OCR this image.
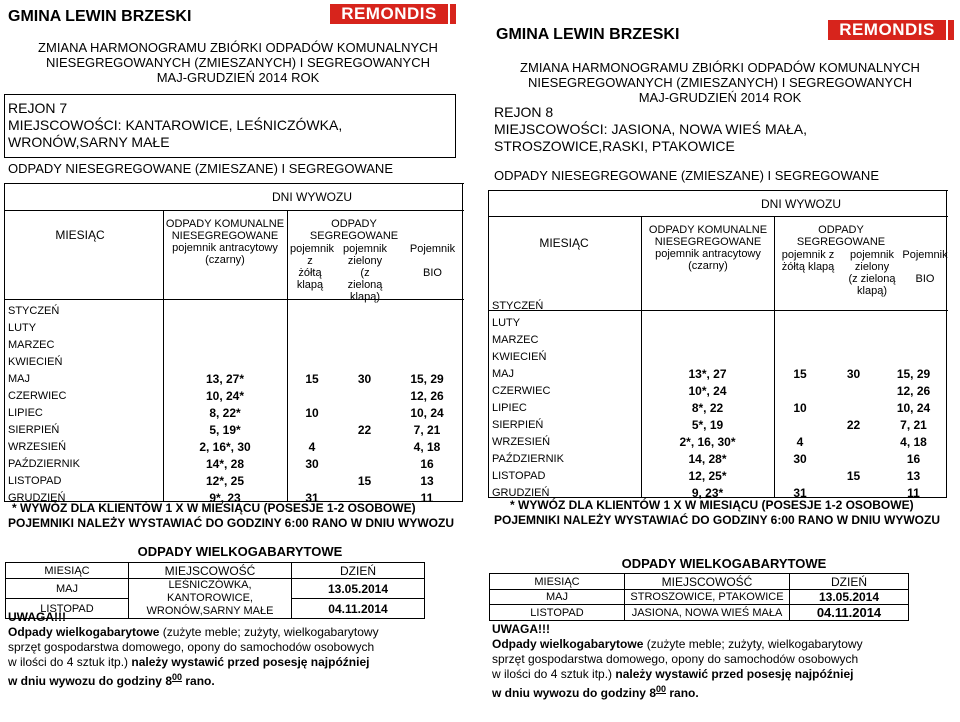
GMINA LEWIN BRZESKI	REMONDIS
ZMIANA HARMONOGRAMU ZBIÓRKI ODPADÓW KOMUNALNYCH
NIESEGREGOWANYCH (ZMIESZANYCH) I SEGREGOWANYCH
MAJ-GRUDZIEŃ 2014 ROK
REJON 7
MIEJSCOWOŚCI: KANTAROWICE, LEŚNICZÓWKA,
WRONÓW,SARNY MAŁE
ODPADY NIESEGREGOWANE (ZMIESZANE) I SEGREGOWANE
DNI WYWOZU
MIESIĄC
ODPADY KOMUNALNE
NIESEGREGOWANE
pojemnik antracytowy
(czarny)
ODPADY SEGREGOWANE
pojemnik
z
żółtą
klapą
pojemnik
zielony
(z
zieloną
klapą)
Pojemnik
BIO
STYCZEŃ				
LUTY				
MARZEC				
KWIECIEŃ				
MAJ	13, 27*	15	30	15, 29
CZERWIEC	10, 24*			12, 26
LIPIEC	8, 22*	10		10, 24
SIERPIEŃ	5, 19*		22	7, 21
WRZESIEŃ	2, 16*, 30	4		4, 18
PAŹDZIERNIK	14*, 28	30		16
LISTOPAD	12*, 25		15	13
GRUDZIEŃ	9*, 23	31		11
* WYWÓZ DLA KLIENTÓW 1 X W MIESIĄCU (POSESJE 1-2 OSOBOWE)
POJEMNIKI NALEŻY WYSTAWIAĆ DO GODZINY 6:00 RANO W DNIU WYWOZU
ODPADY WIELKOGABARYTOWE
MIESIĄC	MIEJSCOWOŚĆ	DZIEŃ
MAJ	LEŚNICZÓWKA, KANTOROWICE,
WRONÓW,SARNY MAŁE	13.05.2014
LISTOPAD		04.11.2014
UWAGA!!!
Odpady wielkogabarytowe (zużyte meble; zużyty, wielkogabarytowy
sprzęt gospodarstwa domowego, opony do samochodów osobowych
w ilości do 4 sztuk itp.) należy wystawić przed posesję najpóźniej
w dniu wywozu do godziny $8^{00}$ rano.
GMINA LEWIN BRZESKI	REMONDIS
ZMIANA HARMONOGRAMU ZBIÓRKI ODPADÓW KOMUNALNYCH
NIESEGREGOWANYCH (ZMIESZANYCH) I SEGREGOWANYCH
MAJ-GRUDZIEŃ 2014 ROK
REJON 8
MIEJSCOWOŚCI: JASIONA, NOWA WIEŚ MAŁA,
STROSZOWICE,RASKI, PTAKOWICE
ODPADY NIESEGREGOWANE (ZMIESZANE) I SEGREGOWANE
DNI WYWOZU
MIESIĄC
ODPADY KOMUNALNE
NIESEGREGOWANE
pojemnik antracytowy
(czarny)
ODPADY SEGREGOWANE
pojemnik z
żółtą klapą
pojemnik
zielony
(z zieloną
klapą)
Pojemnik
BIO
STYCZEŃ				
LUTY				
MARZEC				
KWIECIEŃ				
MAJ	13*, 27	15	30	15, 29
CZERWIEC	10*, 24			12, 26
LIPIEC	8*, 22	10		10, 24
SIERPIEŃ	5*, 19		22	7, 21
WRZESIEŃ	2*, 16, 30*	4		4, 18
PAŹDZIERNIK	14, 28*	30		16
LISTOPAD	12, 25*		15	13
GRUDZIEŃ	9, 23*	31		11
* WYWÓZ DLA KLIENTÓW 1 X W MIESIĄCU (POSESJE 1-2 OSOBOWE)
POJEMNIKI NALEŻY WYSTAWIAĆ DO GODZINY 6:00 RANO W DNIU WYWOZU
ODPADY WIELKOGABARYTOWE
MIESIĄC	MIEJSCOWOŚĆ	DZIEŃ
MAJ	STROSZOWICE, PTAKOWICE	13.05.2014
LISTOPAD	JASIONA, NOWA WIEŚ MAŁA	04.11.2014
UWAGA!!!
Odpady wielkogabarytowe (zużyte meble; zużyty, wielkogabarytowy
sprzęt gospodarstwa domowego, opony do samochodów osobowych
w ilości do 4 sztuk itp.) należy wystawić przed posesję najpóźniej
w dniu wywozu do godziny $8^{00}$ rano.
